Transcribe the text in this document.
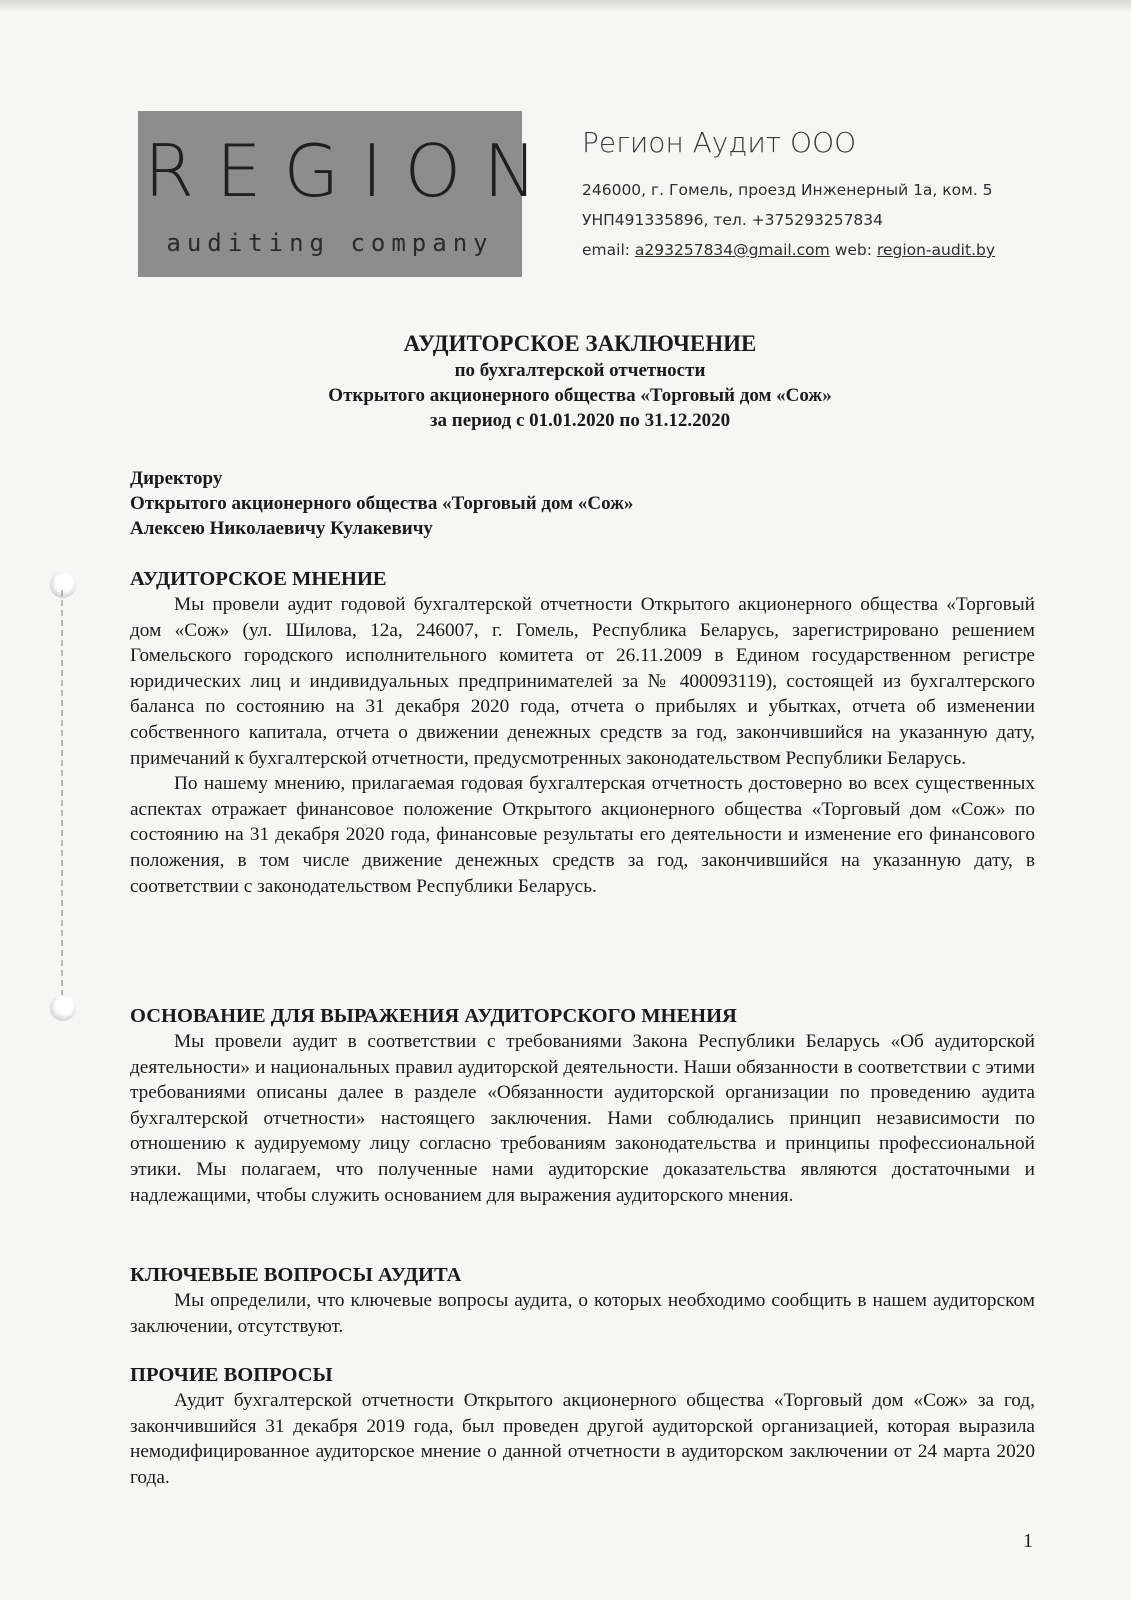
REGION
auditing company
Регион Аудит ООО
246000, г. Гомель, проезд Инженерный 1а, ком. 5
УНП491335896, тел. +375293257834
email: a293257834@gmail.com web: region-audit.by
АУДИТОРСКОЕ ЗАКЛЮЧЕНИЕ
по бухгалтерской отчетности
Открытого акционерного общества «Торговый дом «Сож»
за период с 01.01.2020 по 31.12.2020
Директору
Открытого акционерного общества «Торговый дом «Сож»
Алексею Николаевичу Кулакевичу
АУДИТОРСКОЕ МНЕНИЕ

Мы провели аудит годовой бухгалтерской отчетности Открытого акционерного общества «Торговый дом «Сож» (ул. Шилова, 12а, 246007, г. Гомель, Республика Беларусь, зарегистрировано решением Гомельского городского исполнительного комитета от 26.11.2009 в Едином государственном регистре юридических лиц и индивидуальных предпринимателей за № 400093119), состоящей из бухгалтерского баланса по состоянию на 31 декабря 2020 года, отчета о прибылях и убытках, отчета об изменении собственного капитала, отчета о движении денежных средств за год, закончившийся на указанную дату, примечаний к бухгалтерской отчетности, предусмотренных законодательством Республики Беларусь.

По нашему мнению, прилагаемая годовая бухгалтерская отчетность достоверно во всех существенных аспектах отражает финансовое положение Открытого акционерного общества «Торговый дом «Сож» по состоянию на 31 декабря 2020 года, финансовые результаты его деятельности и изменение его финансового положения, в том числе движение денежных средств за год, закончившийся на указанную дату, в соответствии с законодательством Республики Беларусь.

ОСНОВАНИЕ ДЛЯ ВЫРАЖЕНИЯ АУДИТОРСКОГО МНЕНИЯ

Мы провели аудит в соответствии с требованиями Закона Республики Беларусь «Об аудиторской деятельности» и национальных правил аудиторской деятельности. Наши обязанности в соответствии с этими требованиями описаны далее в разделе «Обязанности аудиторской организации по проведению аудита бухгалтерской отчетности» настоящего заключения. Нами соблюдались принцип независимости по отношению к аудируемому лицу согласно требованиям законодательства и принципы профессиональной этики. Мы полагаем, что полученные нами аудиторские доказательства являются достаточными и надлежащими, чтобы служить основанием для выражения аудиторского мнения.

КЛЮЧЕВЫЕ ВОПРОСЫ АУДИТА

Мы определили, что ключевые вопросы аудита, о которых необходимо сообщить в нашем аудиторском заключении, отсутствуют.

ПРОЧИЕ ВОПРОСЫ

Аудит бухгалтерской отчетности Открытого акционерного общества «Торговый дом «Сож» за год, закончившийся 31 декабря 2019 года, был проведен другой аудиторской организацией, которая выразила немодифицированное аудиторское мнение о данной отчетности в аудиторском заключении от 24 марта 2020 года.

1
